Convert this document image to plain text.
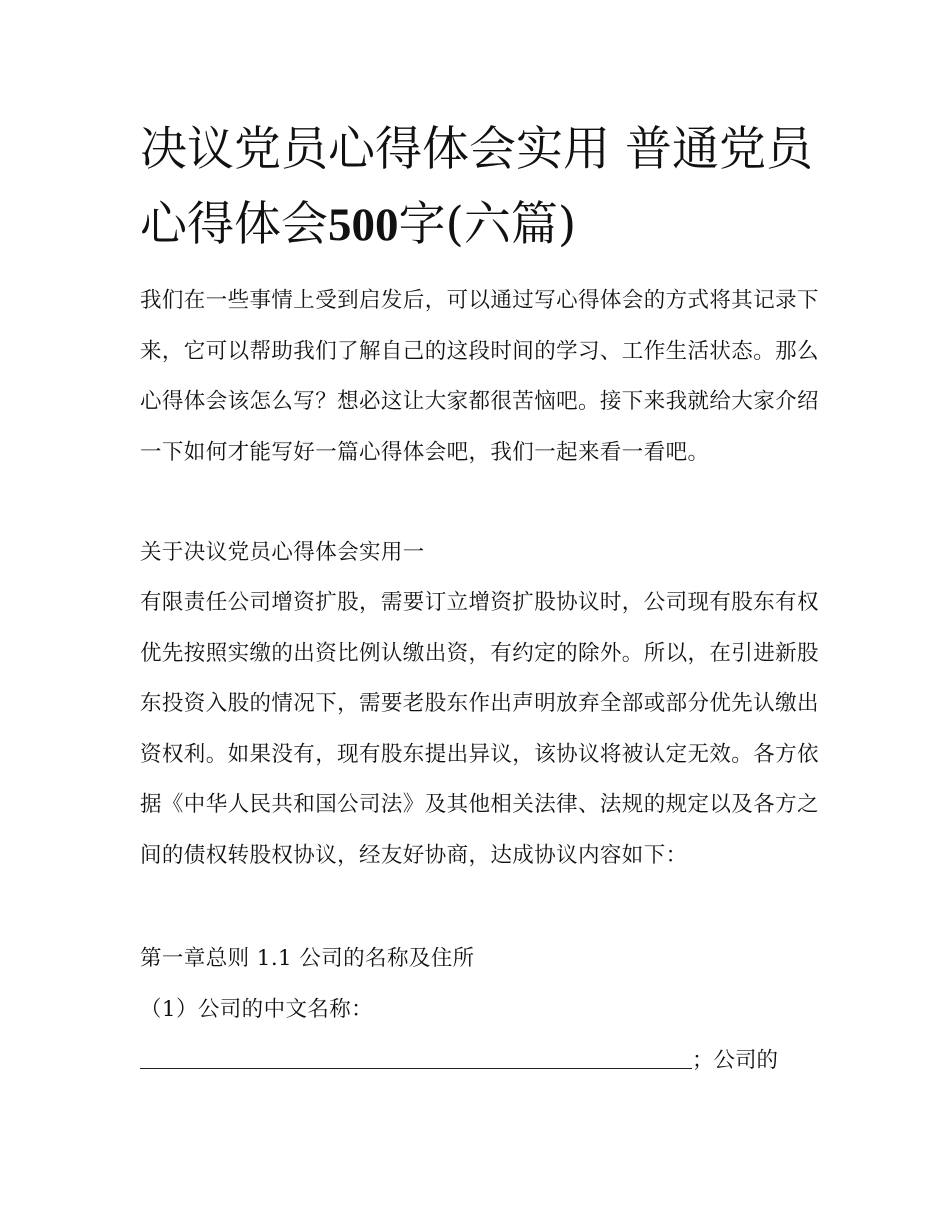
决议党员心得体会实用 普通党员心得体会500字(六篇)

我们在一些事情上受到启发后，可以通过写心得体会的方式将其记录下来，它可以帮助我们了解自己的这段时间的学习、工作生活状态。那么心得体会该怎么写？想必这让大家都很苦恼吧。接下来我就给大家介绍一下如何才能写好一篇心得体会吧，我们一起来看一看吧。

关于决议党员心得体会实用一

有限责任公司增资扩股，需要订立增资扩股协议时，公司现有股东有权优先按照实缴的出资比例认缴出资，有约定的除外。所以，在引进新股东投资入股的情况下，需要老股东作出声明放弃全部或部分优先认缴出资权利。如果没有，现有股东提出异议，该协议将被认定无效。各方依据《中华人民共和国公司法》及其他相关法律、法规的规定以及各方之间的债权转股权协议，经友好协商，达成协议内容如下：

第一章总则 1.1 公司的名称及住所

（1）公司的中文名称：

；公司的
